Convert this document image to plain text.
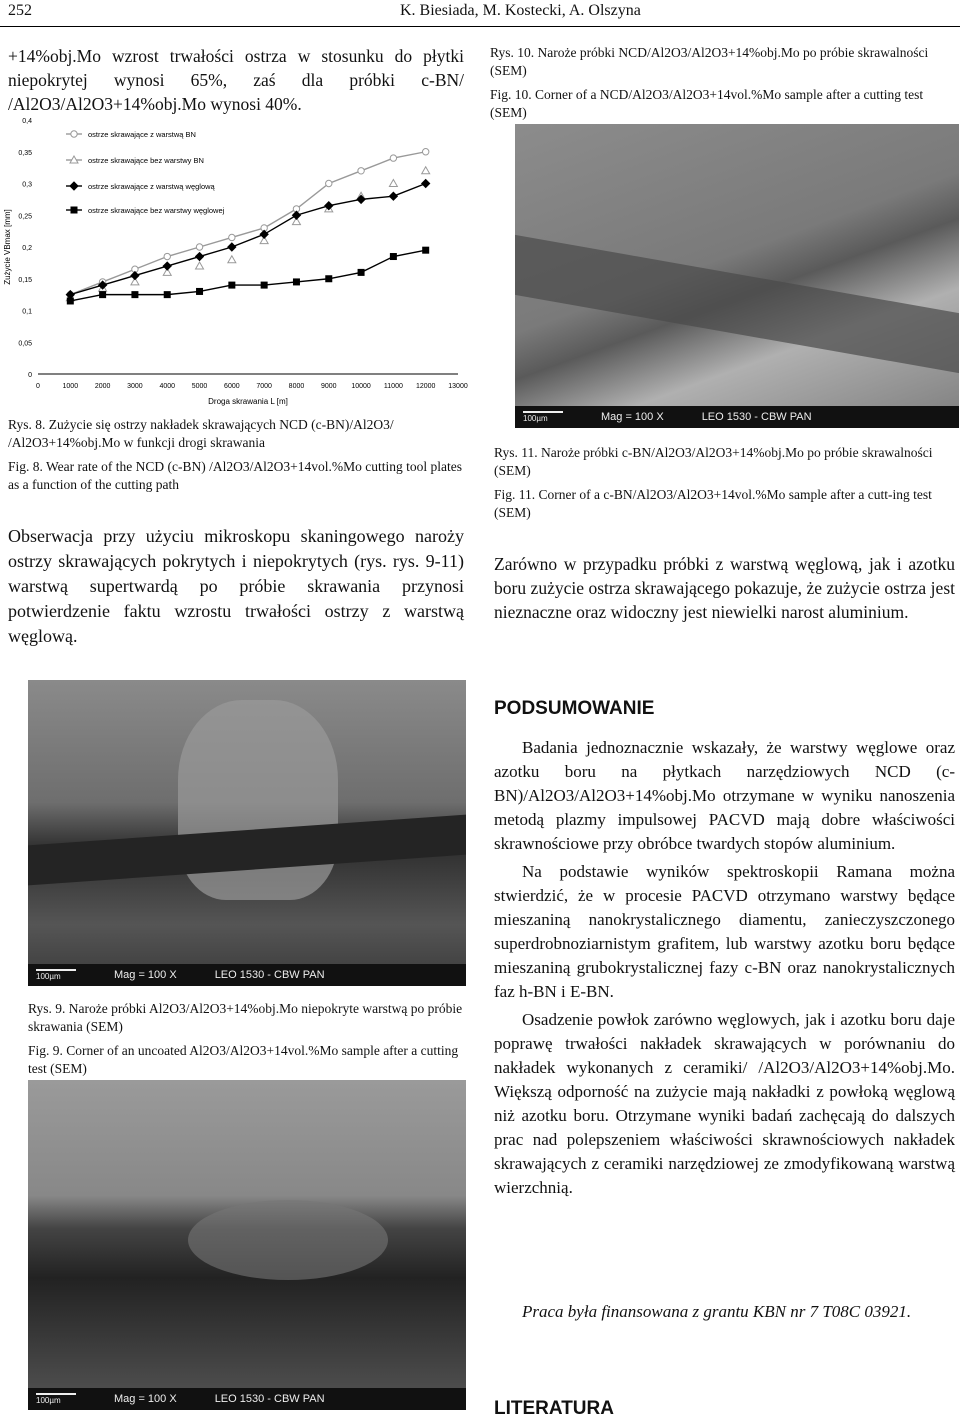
252	K. Biesiada, M. Kostecki, A. Olszyna
+14%obj.Mo wzrost trwałości ostrza w stosunku do płytki niepokrytej wynosi 65%, zaś dla próbki c-BN/ /Al2O3/Al2O3+14%obj.Mo wynosi 40%.
0
0,05
0,1
0,15
0,2
0,25
0,3
0,35
0,4
0	1000 2000 3000 4000 5000 6000 7000 8000 9000 10000 11000 12000 13000
Droga skrawania L [m]
Zużycie VBmax [mm]
ostrze skrawające z warstwą BN
ostrze skrawające bez warstwy BN
ostrze skrawające z warstwą węglową
ostrze skrawające bez warstwy węglowej

Rys. 8. Zużycie się ostrzy nakładek skrawających NCD (c-BN)/Al2O3/ /Al2O3+14%obj.Mo w funkcji drogi skrawania

Fig. 8. Wear rate of the NCD (c-BN) /Al2O3/Al2O3+14vol.%Mo cutting tool plates as a function of the cutting path

Obserwacja przy użyciu mikroskopu skaningowego naroży ostrzy skrawających pokrytych i niepokrytych (rys. rys. 9-11) warstwą supertwardą po próbie skrawania przynosi potwierdzenie faktu wzrostu trwałości ostrzy z warstwą węglową.
100µm	Mag = 100 X	LEO 1530 - CBW PAN

Rys. 9. Naroże próbki Al2O3/Al2O3+14%obj.Mo niepokryte warstwą po próbie skrawania (SEM)

Fig. 9. Corner of an uncoated Al2O3/Al2O3+14vol.%Mo sample after a cutting test (SEM)

100µm	Mag = 100 X	LEO 1530 - CBW PAN

Rys. 10. Naroże próbki NCD/Al2O3/Al2O3+14%obj.Mo po próbie skrawalności (SEM)

Fig. 10. Corner of a NCD/Al2O3/Al2O3+14vol.%Mo sample after a cutting test (SEM)

100µm	Mag = 100 X	LEO 1530 - CBW PAN

Rys. 11. Naroże próbki c-BN/Al2O3/Al2O3+14%obj.Mo po próbie skrawalności (SEM)

Fig. 11. Corner of a c-BN/Al2O3/Al2O3+14vol.%Mo sample after a cutt-ing test (SEM)

Zarówno w przypadku próbki z warstwą węglową, jak i azotku boru zużycie ostrza skrawającego pokazuje, że zużycie ostrza jest nieznaczne oraz widoczny jest niewielki narost aluminium.
PODSUMOWANIE
Badania jednoznacznie wskazały, że warstwy węglowe oraz azotku boru na płytkach narzędziowych NCD (c-BN)/Al2O3/Al2O3+14%obj.Mo otrzymane w wyniku nanoszenia metodą plazmy impulsowej PACVD mają dobre właściwości skrawnościowe przy obróbce twardych stopów aluminium.
Na podstawie wyników spektroskopii Ramana można stwierdzić, że w procesie PACVD otrzymano warstwy będące mieszaniną nanokrystalicznego diamentu, zanieczyszczonego superdrobnoziarnistym grafitem, lub warstwy azotku boru będące mieszaniną grubokrystalicznej fazy c-BN oraz nanokrystalicznych faz h-BN i E-BN.
Osadzenie powłok zarówno węglowych, jak i azotku boru daje poprawę trwałości nakładek skrawających w porównaniu do nakładek wykonanych z ceramiki/ /Al2O3/Al2O3+14%obj.Mo. Większą odporność na zużycie mają nakładki z powłoką węglową niż azotku boru. Otrzymane wyniki badań zachęcają do dalszych prac nad polepszeniem właściwości skrawnościowych nakładek skrawających z ceramiki narzędziowej ze zmodyfikowaną warstwą wierzchnią.
Praca była finansowana z grantu KBN nr 7 T08C 03921.
LITERATURA
